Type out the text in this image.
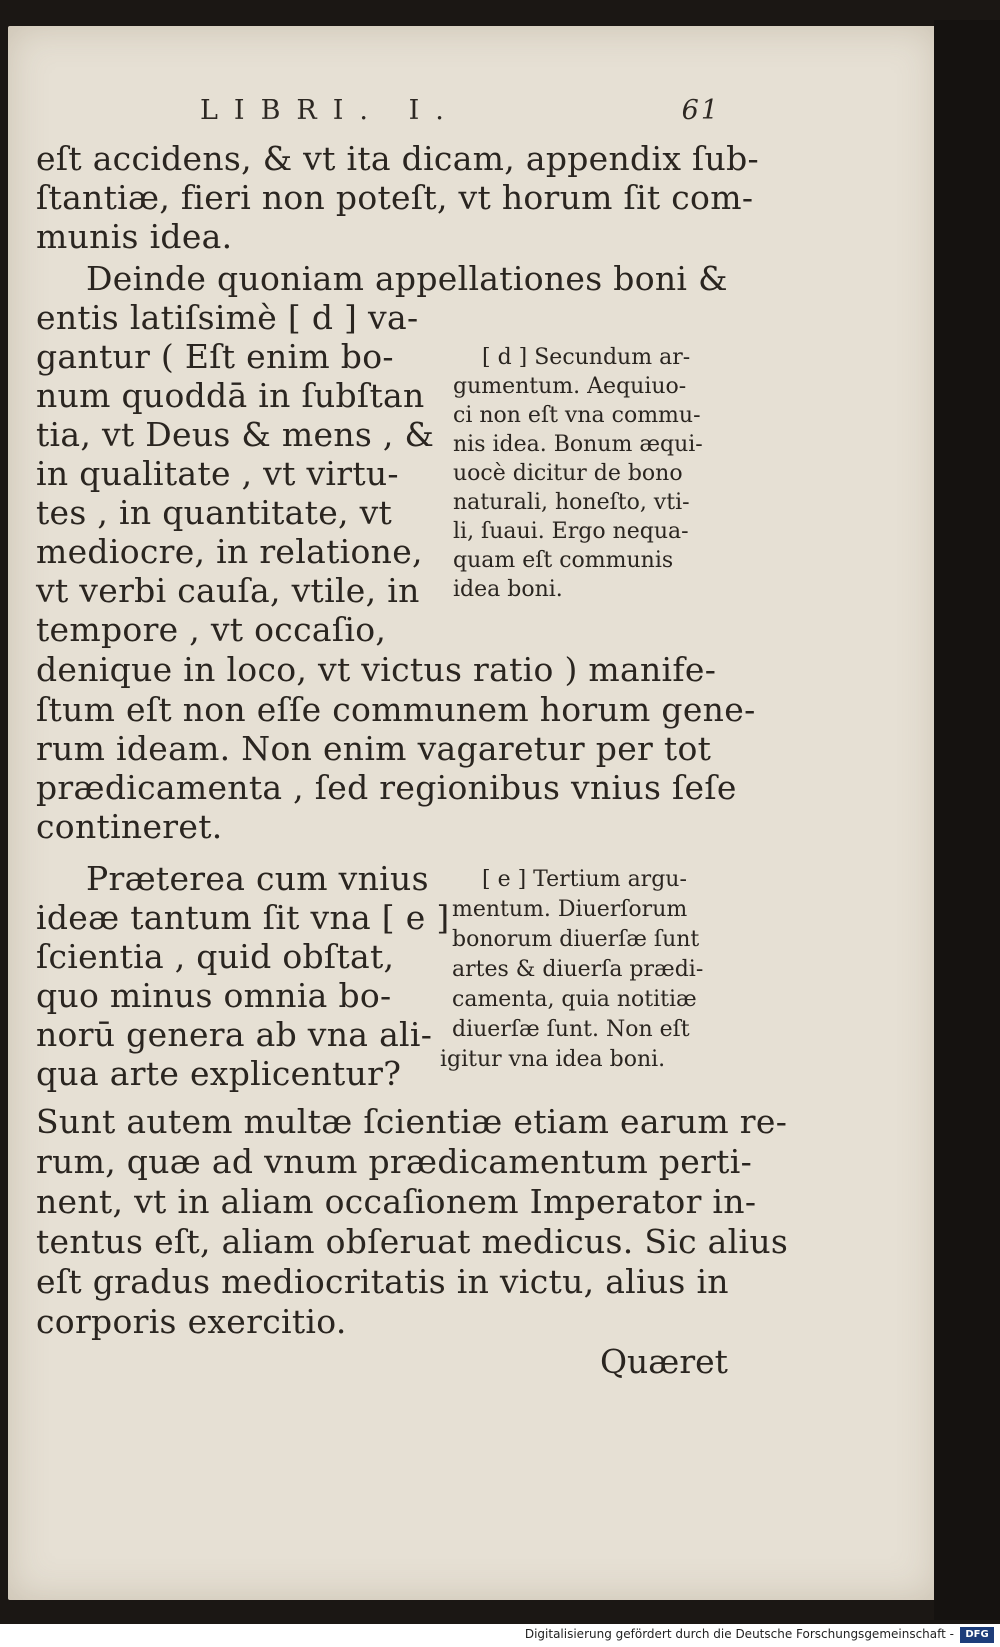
LIBRI. I.	61
eſt accidens, & vt ita dicam, appendix ſub-
ſtantiæ, fieri non poteſt, vt horum ſit com-
munis idea.
Deinde quoniam appellationes boni &
entis latiſsimè [ d ] va-
gantur ( Eſt enim bo-
num quoddā in ſubſtan
tia, vt Deus & mens , &
in qualitate , vt virtu-
tes , in quantitate, vt
mediocre, in relatione,
vt verbi cauſa, vtile, in
tempore , vt occaſio,
denique in loco, vt victus ratio ) manife-
ſtum eſt non eſſe communem horum gene-
rum ideam. Non enim vagaretur per tot
prædicamenta , ſed regionibus vnius ſeſe
contineret.
Præterea cum vnius
ideæ tantum ſit vna [ e ]
ſcientia , quid obſtat,
quo minus omnia bo-
norū genera ab vna ali-
qua arte explicentur?
Sunt autem multæ ſcientiæ etiam earum re-
rum, quæ ad vnum prædicamentum perti-
nent, vt in aliam occaſionem Imperator in-
tentus eſt, aliam obſeruat medicus. Sic alius
eſt gradus mediocritatis in victu, alius in
corporis exercitio.
[ d ] Secundum ar-
gumentum. Aequiuo-
ci non eſt vna commu-
nis idea. Bonum æqui-
uocè dicitur de bono
naturali, honeſto, vti-
li, ſuaui. Ergo nequa-
quam eſt communis
idea boni.
[ e ] Tertium argu-
mentum. Diuerſorum
bonorum diuerſæ ſunt
artes & diuerſa prædi-
camenta, quia notitiæ
diuerſæ ſunt. Non eſt
igitur vna idea boni.
Quæret
Digitalisierung gefördert durch die Deutsche Forschungsgemeinschaft -	DFG
